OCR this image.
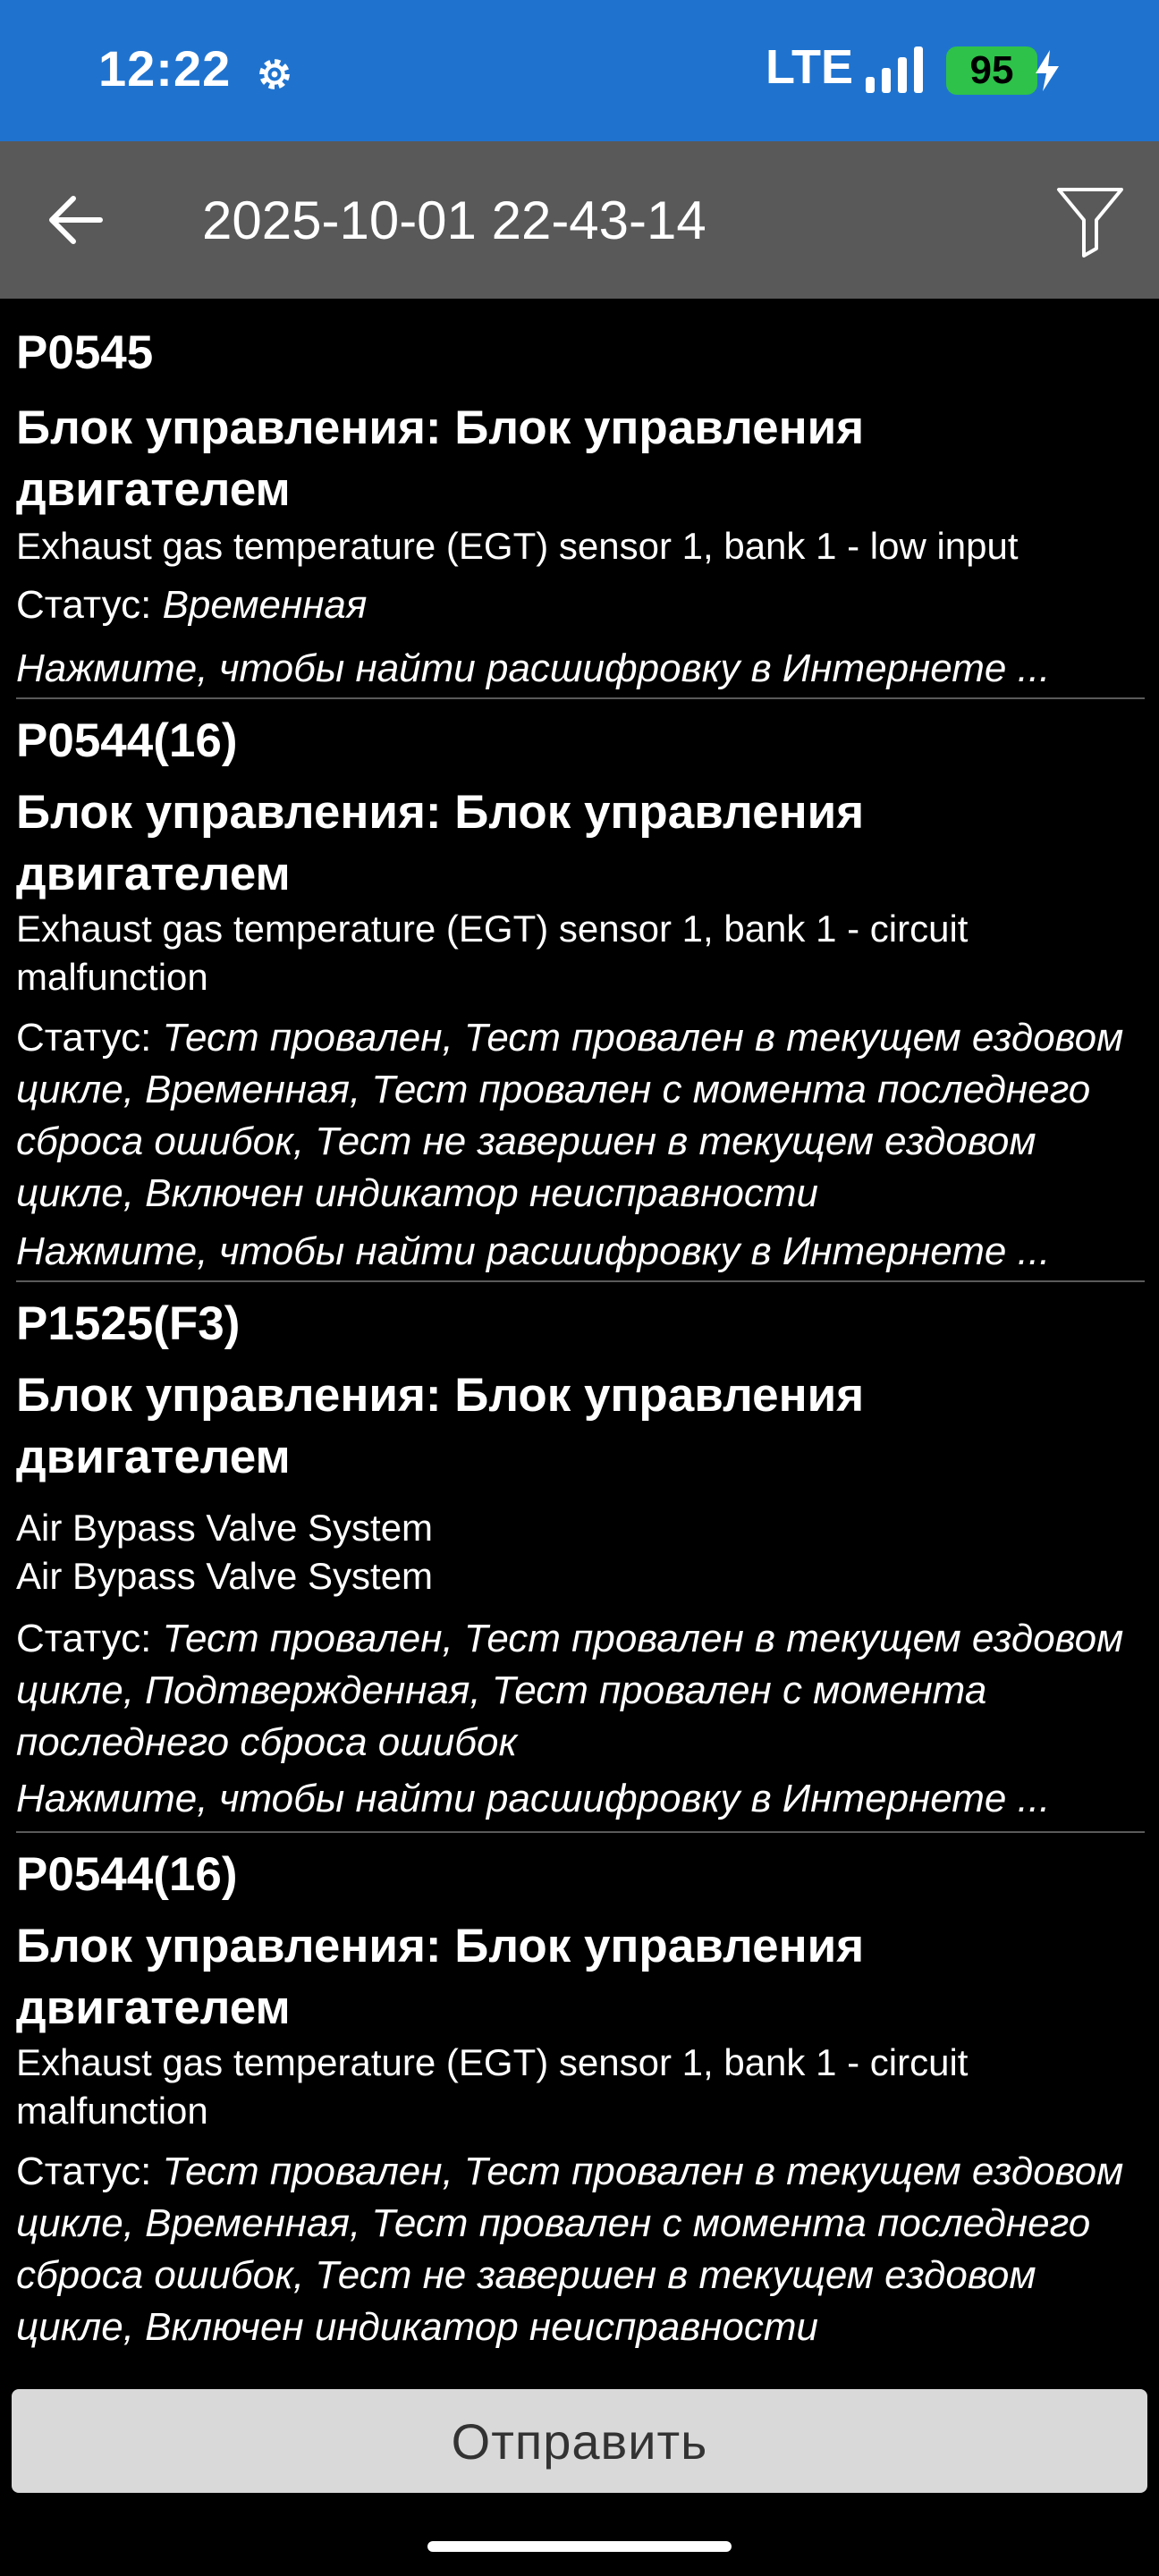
12:22	LTE	95
2025-10-01 22-43-14
P0545
Блок управления: Блок управления двигателем
Exhaust gas temperature (EGT) sensor 1, bank 1 - low input
Статус: Временная
Нажмите, чтобы найти расшифровку в Интернете ...
P0544(16)
Блок управления: Блок управления двигателем
Exhaust gas temperature (EGT) sensor 1, bank 1 - circuit
malfunction
Статус: Тест провален, Тест провален в текущем ездовом цикле, Временная, Тест провален с момента последнего сброса ошибок, Тест не завершен в текущем ездовом цикле, Включен индикатор неисправности
Нажмите, чтобы найти расшифровку в Интернете ...
P1525(F3)
Блок управления: Блок управления двигателем
Air Bypass Valve System
Air Bypass Valve System
Статус: Тест провален, Тест провален в текущем ездовом цикле, Подтвержденная, Тест провален с момента последнего сброса ошибок
Нажмите, чтобы найти расшифровку в Интернете ...
P0544(16)
Блок управления: Блок управления двигателем
Exhaust gas temperature (EGT) sensor 1, bank 1 - circuit
malfunction
Статус: Тест провален, Тест провален в текущем ездовом цикле, Временная, Тест провален с момента последнего сброса ошибок, Тест не завершен в текущем ездовом цикле, Включен индикатор неисправности
Отправить
